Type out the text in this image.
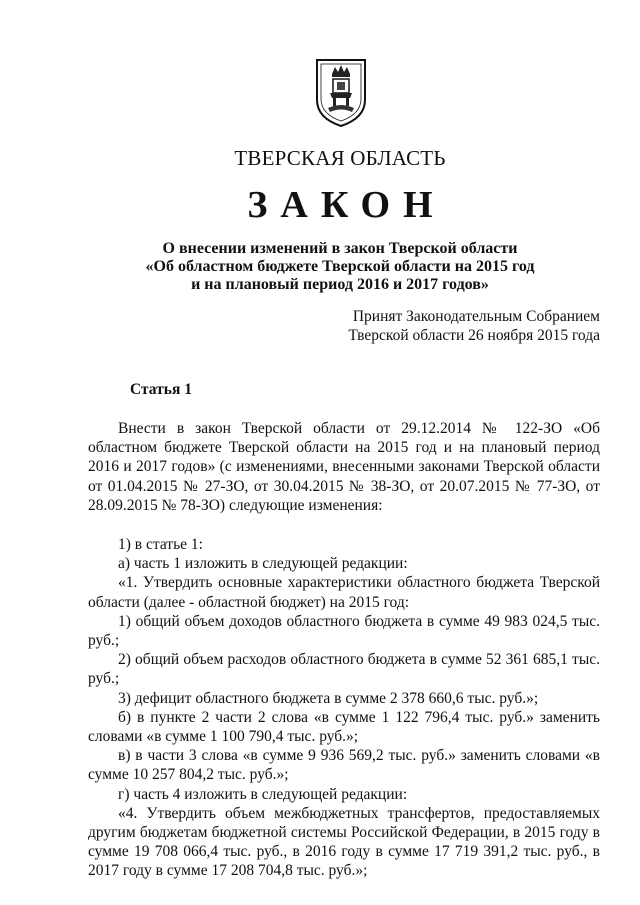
ТВЕРСКАЯ ОБЛАСТЬ
ЗАКОН
О внесении изменений в закон Тверской области
«Об областном бюджете Тверской области на 2015 год
и на плановый период 2016 и 2017 годов»
Принят Законодательным Собранием
Тверской области 26 ноября 2015 года
Статья 1

Внести в закон Тверской области от 29.12.2014 № 122-ЗО «Об областном бюджете Тверской области на 2015 год и на плановый период 2016 и 2017 годов» (с изменениями, внесенными законами Тверской области от 01.04.2015 № 27-ЗО, от 30.04.2015 № 38-ЗО, от 20.07.2015 № 77-ЗО, от 28.09.2015 № 78-ЗО) следующие изменения:

1) в статье 1:

а) часть 1 изложить в следующей редакции:

«1. Утвердить основные характеристики областного бюджета Тверской области (далее - областной бюджет) на 2015 год:

1) общий объем доходов областного бюджета в сумме 49 983 024,5 тыс. руб.;

2) общий объем расходов областного бюджета в сумме 52 361 685,1 тыс. руб.;

3) дефицит областного бюджета в сумме 2 378 660,6 тыс. руб.»;

б) в пункте 2 части 2 слова «в сумме 1 122 796,4 тыс. руб.» заменить словами «в сумме 1 100 790,4 тыс. руб.»;

в) в части 3 слова «в сумме 9 936 569,2 тыс. руб.» заменить словами «в сумме 10 257 804,2 тыс. руб.»;

г) часть 4 изложить в следующей редакции:

«4. Утвердить объем межбюджетных трансфертов, предоставляемых другим бюджетам бюджетной системы Российской Федерации, в 2015 году в сумме 19 708 066,4 тыс. руб., в 2016 году в сумме 17 719 391,2 тыс. руб., в 2017 году в сумме 17 208 704,8 тыс. руб.»;
